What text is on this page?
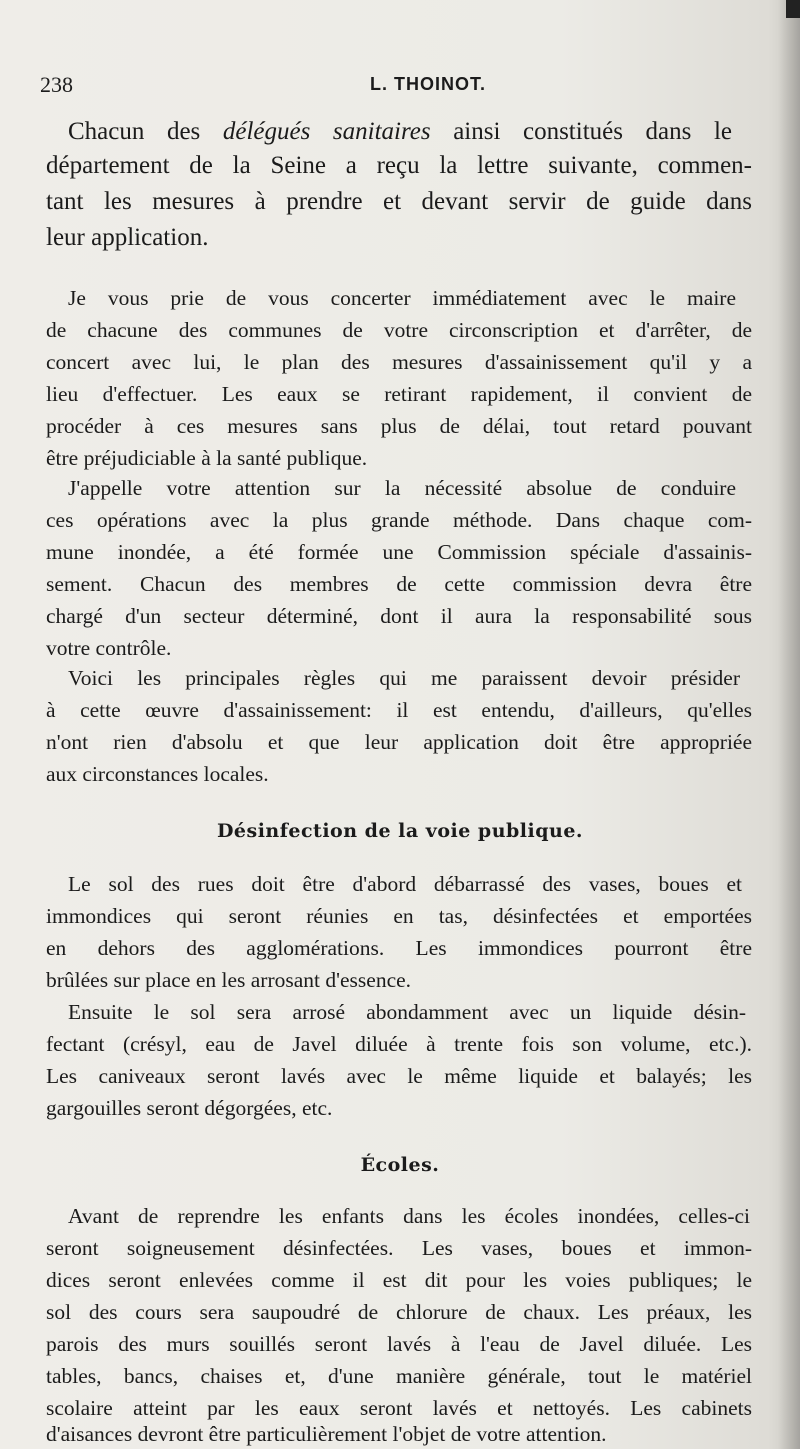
238	L. THOINOT.
Chacun des délégués sanitaires ainsi constitués dans le
département de la Seine a reçu la lettre suivante, commen-
tant les mesures à prendre et devant servir de guide dans
leur application.
Je vous prie de vous concerter immédiatement avec le maire
de chacune des communes de votre circonscription et d'arrêter, de
concert avec lui, le plan des mesures d'assainissement qu'il y a
lieu d'effectuer. Les eaux se retirant rapidement, il convient de
procéder à ces mesures sans plus de délai, tout retard pouvant
être préjudiciable à la santé publique.
J'appelle votre attention sur la nécessité absolue de conduire
ces opérations avec la plus grande méthode. Dans chaque com-
mune inondée, a été formée une Commission spéciale d'assainis-
sement. Chacun des membres de cette commission devra être
chargé d'un secteur déterminé, dont il aura la responsabilité sous
votre contrôle.
Voici les principales règles qui me paraissent devoir présider
à cette œuvre d'assainissement: il est entendu, d'ailleurs, qu'elles
n'ont rien d'absolu et que leur application doit être appropriée
aux circonstances locales.
Désinfection de la voie publique.
Le sol des rues doit être d'abord débarrassé des vases, boues et
immondices qui seront réunies en tas, désinfectées et emportées
en dehors des agglomérations. Les immondices pourront être
brûlées sur place en les arrosant d'essence.
Ensuite le sol sera arrosé abondamment avec un liquide désin-
fectant (crésyl, eau de Javel diluée à trente fois son volume, etc.).
Les caniveaux seront lavés avec le même liquide et balayés; les
gargouilles seront dégorgées, etc.
Écoles.
Avant de reprendre les enfants dans les écoles inondées, celles-ci
seront soigneusement désinfectées. Les vases, boues et immon-
dices seront enlevées comme il est dit pour les voies publiques; le
sol des cours sera saupoudré de chlorure de chaux. Les préaux, les
parois des murs souillés seront lavés à l'eau de Javel diluée. Les
tables, bancs, chaises et, d'une manière générale, tout le matériel
scolaire atteint par les eaux seront lavés et nettoyés. Les cabinets
d'aisances devront être particulièrement l'objet de votre attention.
